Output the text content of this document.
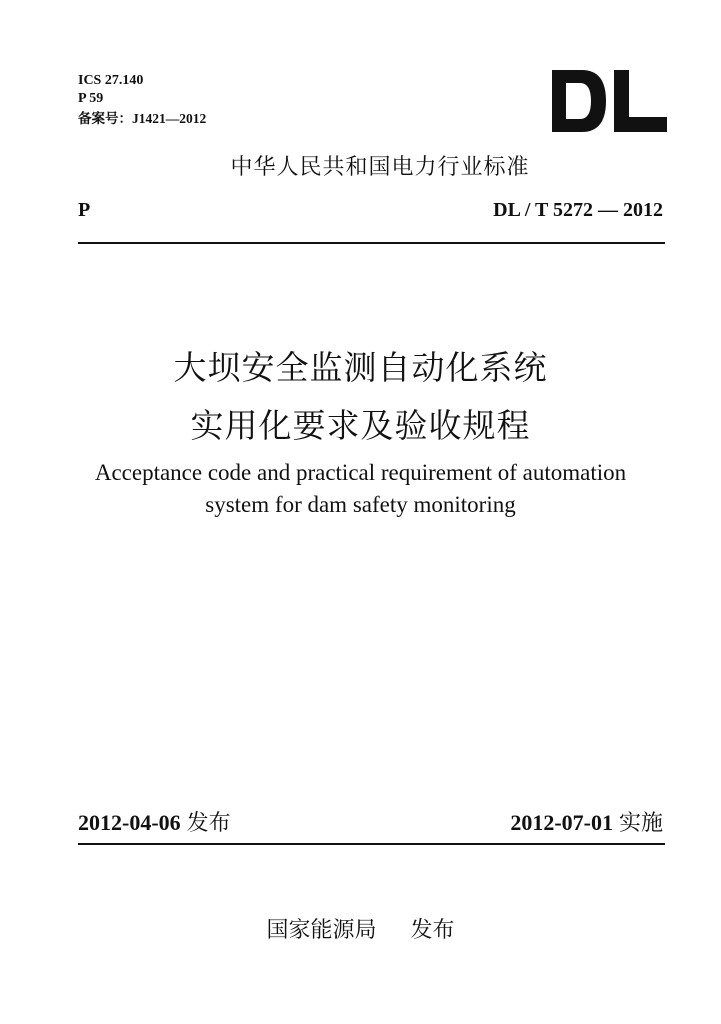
ICS 27.140
P 59
备案号：J1421—2012
中华人民共和国电力行业标准
P	DL / T 5272 — 2012
大坝安全监测自动化系统
实用化要求及验收规程
Acceptance code and practical requirement of automation
system for dam safety monitoring
2012-04-06 发布	2012-07-01 实施
国家能源局 发布
